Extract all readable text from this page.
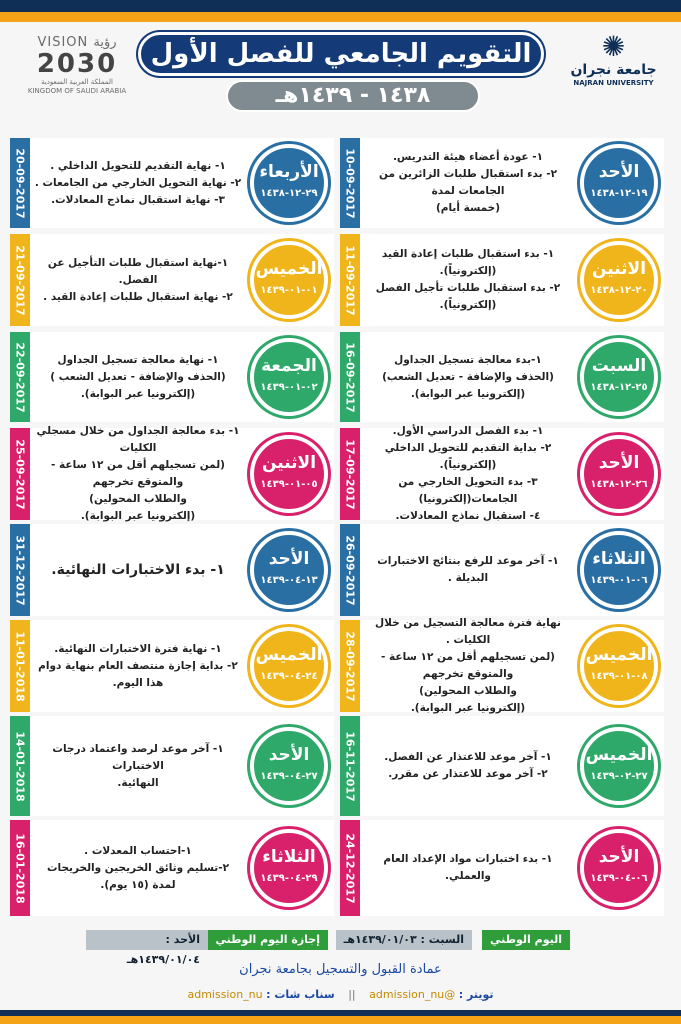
VISION رؤية
2030
المملكة العربية السعودية
KINGDOM OF SAUDI ARABIA
التقويم الجامعي للفصل الأول
١٤٣٨ - ١٤٣٩هـ
✺
جامعة نجران
NAJRAN UNIVERSITY
10-09-2017	الأحد
١٩-١٢-١٤٣٨
١- عودة أعضاء هيئة التدريس.
٢- بدء استقبال طلبات الزائرين من الجامعات لمدة
(خمسة أيام)
11-09-2017	الاثنين
٢٠-١٢-١٤٣٨
١- بدء استقبال طلبات إعادة القيد (إلكترونياً).
٢- بدء استقبال طلبات تأجيل الفصل (إلكترونياً).
16-09-2017	السبت
٢٥-١٢-١٤٣٨
١-بدء معالجة تسجيل الجداول
(الحذف والإضافة - تعديل الشعب)
(إلكترونيا عبر البوابة).
17-09-2017	الأحد
٢٦-١٢-١٤٣٨
١- بدء الفصل الدراسي الأول.
٢- بداية التقديم للتحويل الداخلي (إلكترونياً).
٣- بدء التحويل الخارجي من الجامعات(إلكترونيا)
٤- استقبال نماذج المعادلات.
26-09-2017	الثلاثاء
٠٦-٠١-١٤٣٩
١- آخر موعد للرفع بنتائج الاختبارات البديلة .
28-09-2017	الخميس
٠٨-٠١-١٤٣٩
نهاية فترة معالجة التسجيل من خلال الكليات .
(لمن تسجيلهم أقل من ١٢ ساعة - والمتوقع تخرجهم
والطلاب المحولين)
(إلكترونيا عبر البوابة).
16-11-2017	الخميس
٢٧-٠٢-١٤٣٩
١- آخر موعد للاعتذار عن الفصل.
٢- آخر موعد للاعتذار عن مقرر.
24-12-2017	الأحد
٠٦-٠٤-١٤٣٩
١- بدء اختبارات مواد الإعداد العام والعملي.
20-09-2017	الأربعاء
٢٩-١٢-١٤٣٨
١- نهاية التقديم للتحويل الداخلي .
٢- نهاية التحويل الخارجي من الجامعات .
٣- نهاية استقبال نماذج المعادلات.
21-09-2017	الخميس
٠١-٠١-١٤٣٩
١-نهاية استقبال طلبات التأجيل عن الفصل.
٢- نهاية استقبال طلبات إعادة القيد .
22-09-2017	الجمعة
٠٢-٠١-١٤٣٩
١- نهاية معالجة تسجيل الجداول
(الحذف والإضافة - تعديل الشعب )
(إلكترونيا عبر البوابة).
25-09-2017	الاثنين
٠٥-٠١-١٤٣٩
١- بدء معالجة الجداول من خلال مسجلي الكليات
(لمن تسجيلهم أقل من ١٢ ساعة - والمتوقع تخرجهم
والطلاب المحولين)
(إلكترونيا عبر البوابة).
31-12-2017	الأحد
١٣-٠٤-١٤٣٩
١- بدء الاختبارات النهائية.
11-01-2018	الخميس
٢٤-٠٤-١٤٣٩
١- نهاية فترة الاختبارات النهائية.
٢- بداية إجازة منتصف العام بنهاية دوام هذا اليوم.
14-01-2018	الأحد
٢٧-٠٤-١٤٣٩
١- آخر موعد لرصد واعتماد درجات الاختبارات
النهائية.
16-01-2018	الثلاثاء
٢٩-٠٤-١٤٣٩
١-احتساب المعدلات .
٢-تسليم وثائق الخريجين والخريجات
لمدة (١٥ يوم).
اليوم الوطني
السبت : ١٤٣٩/٠١/٠٣هـ
إجازة اليوم الوطني
الأحد : ١٤٣٩/٠١/٠٤هـ
عمادة القبول والتسجيل بجامعة نجران
تويتر : @admission_nu || سناب شات : admission_nu
